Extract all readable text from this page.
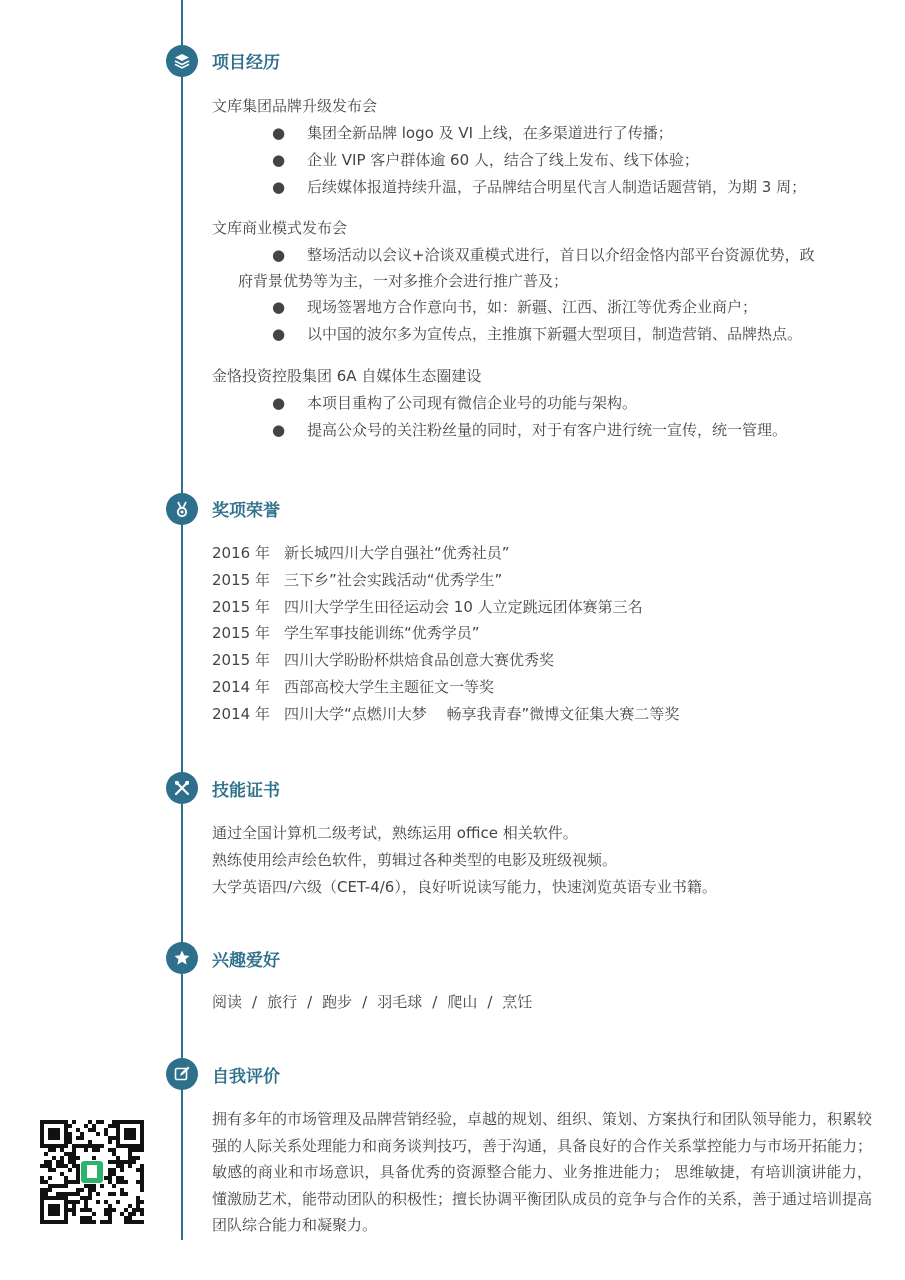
项目经历
文库集团品牌升级发布会
● 集团全新品牌 logo 及 VI 上线，在多渠道进行了传播；
● 企业 VIP 客户群体逾 60 人，结合了线上发布、线下体验；
● 后续媒体报道持续升温，子品牌结合明星代言人制造话题营销，为期 3 周；
文库商业模式发布会
● 整场活动以会议+洽谈双重模式进行，首日以介绍金恪内部平台资源优势，政
府背景优势等为主，一对多推介会进行推广普及；
● 现场签署地方合作意向书，如：新疆、江西、浙江等优秀企业商户；
● 以中国的波尔多为宣传点，主推旗下新疆大型项目，制造营销、品牌热点。
金恪投资控股集团 6A 自媒体生态圈建设
● 本项目重构了公司现有微信企业号的功能与架构。
● 提高公众号的关注粉丝量的同时，对于有客户进行统一宣传，统一管理。
奖项荣誉
2016 年 新长城四川大学自强社“优秀社员”
2015 年 三下乡”社会实践活动“优秀学生”
2015 年 四川大学学生田径运动会 10 人立定跳远团体赛第三名
2015 年 学生军事技能训练“优秀学员”
2015 年 四川大学盼盼杯烘焙食品创意大赛优秀奖
2014 年 西部高校大学生主题征文一等奖
2014 年 四川大学“点燃川大梦　 畅享我青春”微博文征集大赛二等奖
技能证书
通过全国计算机二级考试，熟练运用 office 相关软件。
熟练使用绘声绘色软件，剪辑过各种类型的电影及班级视频。
大学英语四/六级（CET-4/6），良好听说读写能力，快速浏览英语专业书籍。
兴趣爱好
阅读 / 旅行 / 跑步 / 羽毛球 / 爬山 / 烹饪
自我评价
拥有多年的市场管理及品牌营销经验，卓越的规划、组织、策划、方案执行和团队领导能力，积累较强的人际关系处理能力和商务谈判技巧，善于沟通，具备良好的合作关系掌控能力与市场开拓能力；敏感的商业和市场意识，具备优秀的资源整合能力、业务推进能力； 思维敏捷，有培训演讲能力，懂激励艺术，能带动团队的积极性；擅长协调平衡团队成员的竞争与合作的关系，善于通过培训提高团队综合能力和凝聚力。
